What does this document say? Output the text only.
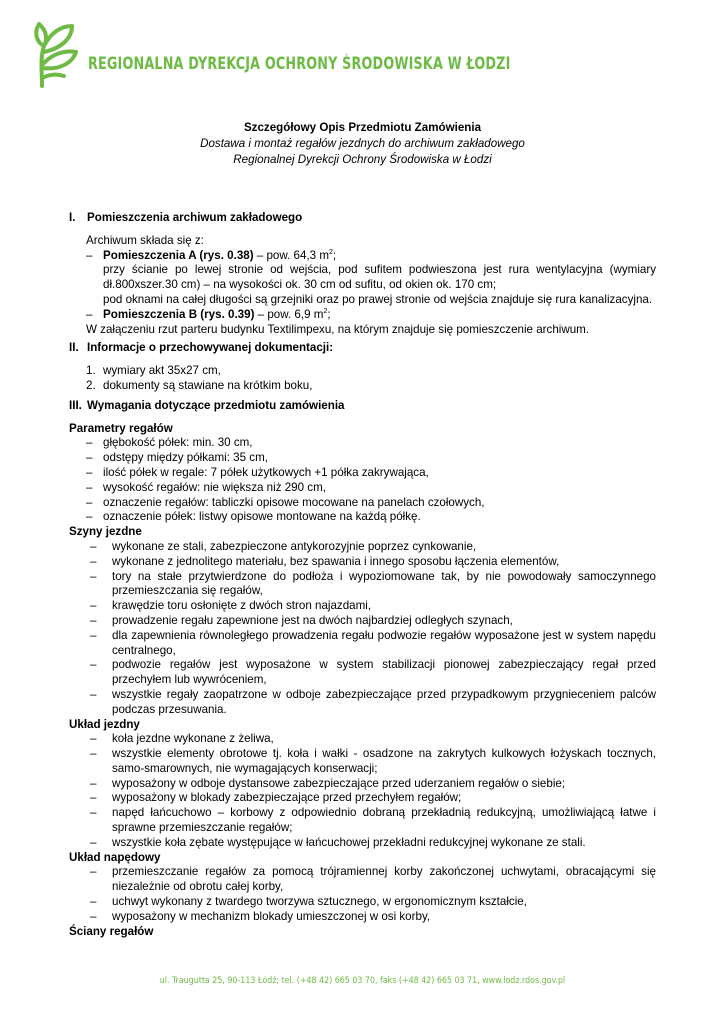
REGIONALNA DYREKCJA OCHRONY ŚRODOWISKA W ŁODZI
Szczegółowy Opis Przedmiotu Zamówienia
Dostawa i montaż regałów jezdnych do archiwum zakładowego
Regionalnej Dyrekcji Ochrony Środowiska w Łodzi

I. Pomieszczenia archiwum zakładowego

Archiwum składa się z:

– Pomieszczenia A (rys. 0.38) – pow. 64,3 $m^2$;

przy ścianie po lewej stronie od wejścia, pod sufitem podwieszona jest rura wentylacyjna (wymiary dł.800xszer.30 cm) – na wysokości ok. 30 cm od sufitu, od okien ok. 170 cm;

pod oknami na całej długości są grzejniki oraz po prawej stronie od wejścia znajduje się rura kanalizacyjna.

– Pomieszczenia B (rys. 0.39) – pow. 6,9 $m^2$;

W załączeniu rzut parteru budynku Textilimpexu, na którym znajduje się pomieszczenie archiwum.

II. Informacje o przechowywanej dokumentacji:

1. wymiary akt 35x27 cm,
2. dokumenty są stawiane na krótkim boku,

III. Wymagania dotyczące przedmiotu zamówienia

Parametry regałów

– głębokość półek: min. 30 cm,
– odstępy między półkami: 35 cm,
– ilość półek w regale: 7 półek użytkowych +1 półka zakrywająca,
– wysokość regałów: nie większa niż 290 cm,
– oznaczenie regałów: tabliczki opisowe mocowane na panelach czołowych,
– oznaczenie półek: listwy opisowe montowane na każdą półkę.

Szyny jezdne

– wykonane ze stali, zabezpieczone antykorozyjnie poprzez cynkowanie,
– wykonane z jednolitego materiału, bez spawania i innego sposobu łączenia elementów,
– tory na stałe przytwierdzone do podłoża i wypoziomowane tak, by nie powodowały samoczynnego przemieszczania się regałów,
– krawędzie toru osłonięte z dwóch stron najazdami,
– prowadzenie regału zapewnione jest na dwóch najbardziej odległych szynach,
– dla zapewnienia równoległego prowadzenia regału podwozie regałów wyposażone jest w system napędu centralnego,
– podwozie regałów jest wyposażone w system stabilizacji pionowej zabezpieczający regał przed przechyłem lub wywróceniem,
– wszystkie regały zaopatrzone w odboje zabezpieczające przed przypadkowym przygnieceniem palców podczas przesuwania.

Układ jezdny

– koła jezdne wykonane z żeliwa,
– wszystkie elementy obrotowe tj. koła i wałki - osadzone na zakrytych kulkowych łożyskach tocznych, samo-smarownych, nie wymagających konserwacji;
– wyposażony w odboje dystansowe zabezpieczające przed uderzaniem regałów o siebie;
– wyposażony w blokady zabezpieczające przed przechyłem regałów;
– napęd łańcuchowo – korbowy z odpowiednio dobraną przekładnią redukcyjną, umożliwiającą łatwe i sprawne przemieszczanie regałów;
– wszystkie koła zębate występujące w łańcuchowej przekładni redukcyjnej wykonane ze stali.

Układ napędowy

– przemieszczanie regałów za pomocą trójramiennej korby zakończonej uchwytami, obracającymi się niezależnie od obrotu całej korby,
– uchwyt wykonany z twardego tworzywa sztucznego, w ergonomicznym kształcie,
– wyposażony w mechanizm blokady umieszczonej w osi korby,

Ściany regałów

ul. Traugutta 25, 90-113 Łódź; tel. (+48 42) 665 03 70, faks (+48 42) 665 03 71, www.lodz.rdos.gov.pl
